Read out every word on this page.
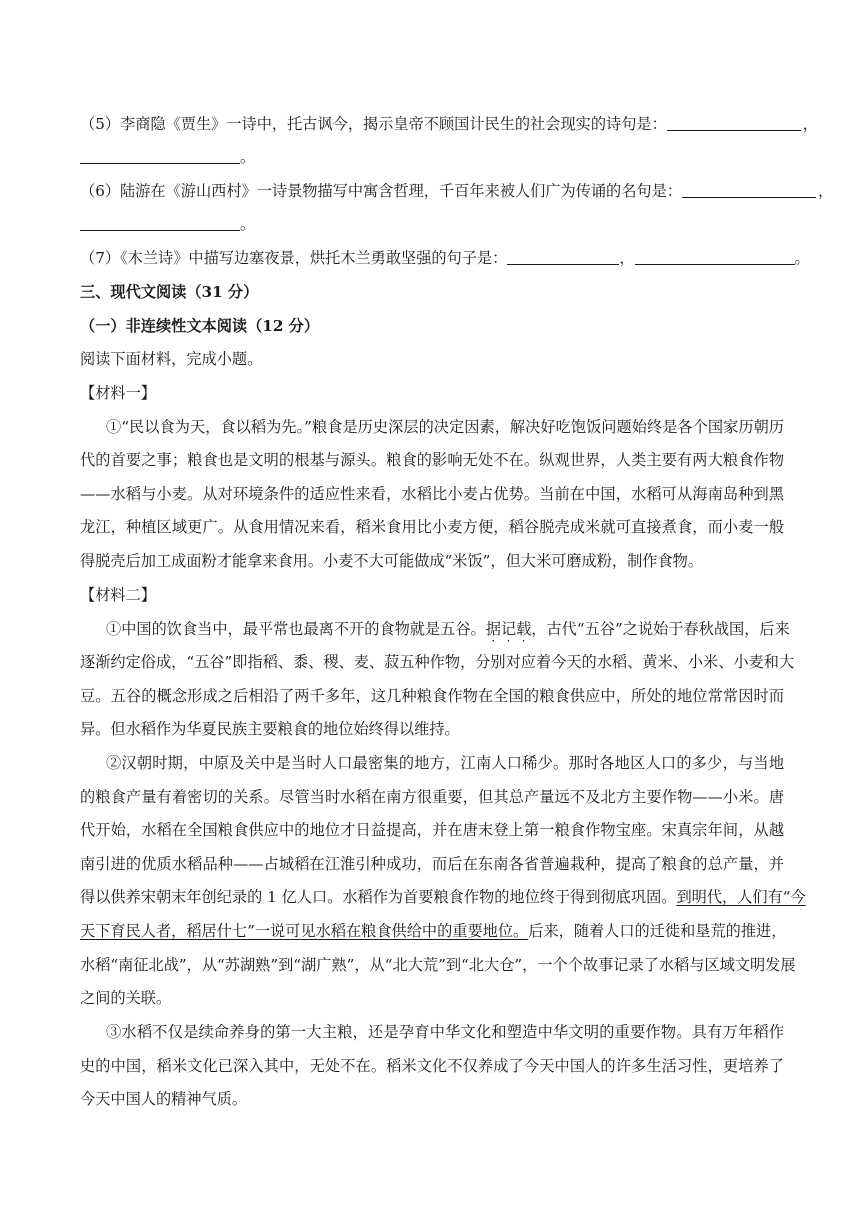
（5）李商隐《贾生》一诗中，托古讽今，揭示皇帝不顾国计民生的社会现实的诗句是：	，
。
（6）陆游在《游山西村》一诗景物描写中寓含哲理，千百年来被人们广为传诵的名句是：	，
。
（7）《木兰诗》中描写边塞夜景，烘托木兰勇敢坚强的句子是：	，	。
三、现代文阅读（31 分）
（一）非连续性文本阅读（12 分）
阅读下面材料，完成小题。
【材料一】
①“民以食为天，食以稻为先。”粮食是历史深层的决定因素，解决好吃饱饭问题始终是各个国家历朝历
代的首要之事；粮食也是文明的根基与源头。粮食的影响无处不在。纵观世界，人类主要有两大粮食作物
——水稻与小麦。从对环境条件的适应性来看，水稻比小麦占优势。当前在中国，水稻可从海南岛种到黑
龙江，种植区域更广。从食用情况来看，稻米食用比小麦方便，稻谷脱壳成米就可直接煮食，而小麦一般
得脱壳后加工成面粉才能拿来食用。小麦不大可能做成“米饭”，但大米可磨成粉，制作食物。
【材料二】
①中国的饮食当中，最平常也最离不开的食物就是五谷。据记载，古代“五谷”之说始于春秋战国，后来
逐渐约定俗成，“五谷”即指稻、黍、稷、麦、菽五种作物，分别对应着今天的水稻、黄米、小米、小麦和大
豆。五谷的概念形成之后相沿了两千多年，这几种粮食作物在全国的粮食供应中，所处的地位常常因时而
异。但水稻作为华夏民族主要粮食的地位始终得以维持。
②汉朝时期，中原及关中是当时人口最密集的地方，江南人口稀少。那时各地区人口的多少，与当地
的粮食产量有着密切的关系。尽管当时水稻在南方很重要，但其总产量远不及北方主要作物——小米。唐
代开始，水稻在全国粮食供应中的地位才日益提高，并在唐末登上第一粮食作物宝座。宋真宗年间，从越
南引进的优质水稻品种——占城稻在江淮引种成功，而后在东南各省普遍栽种，提高了粮食的总产量，并
得以供养宋朝末年创纪录的 1 亿人口。水稻作为首要粮食作物的地位终于得到彻底巩固。到明代，人们有“今
天下育民人者，稻居什七”一说可见水稻在粮食供给中的重要地位。后来，随着人口的迁徙和垦荒的推进，
水稻“南征北战”，从“苏湖熟”到“湖广熟”，从“北大荒”到“北大仓”，一个个故事记录了水稻与区域文明发展
之间的关联。
③水稻不仅是续命养身的第一大主粮，还是孕育中华文化和塑造中华文明的重要作物。具有万年稻作
史的中国，稻米文化已深入其中，无处不在。稻米文化不仅养成了今天中国人的许多生活习性，更培养了
今天中国人的精神气质。
